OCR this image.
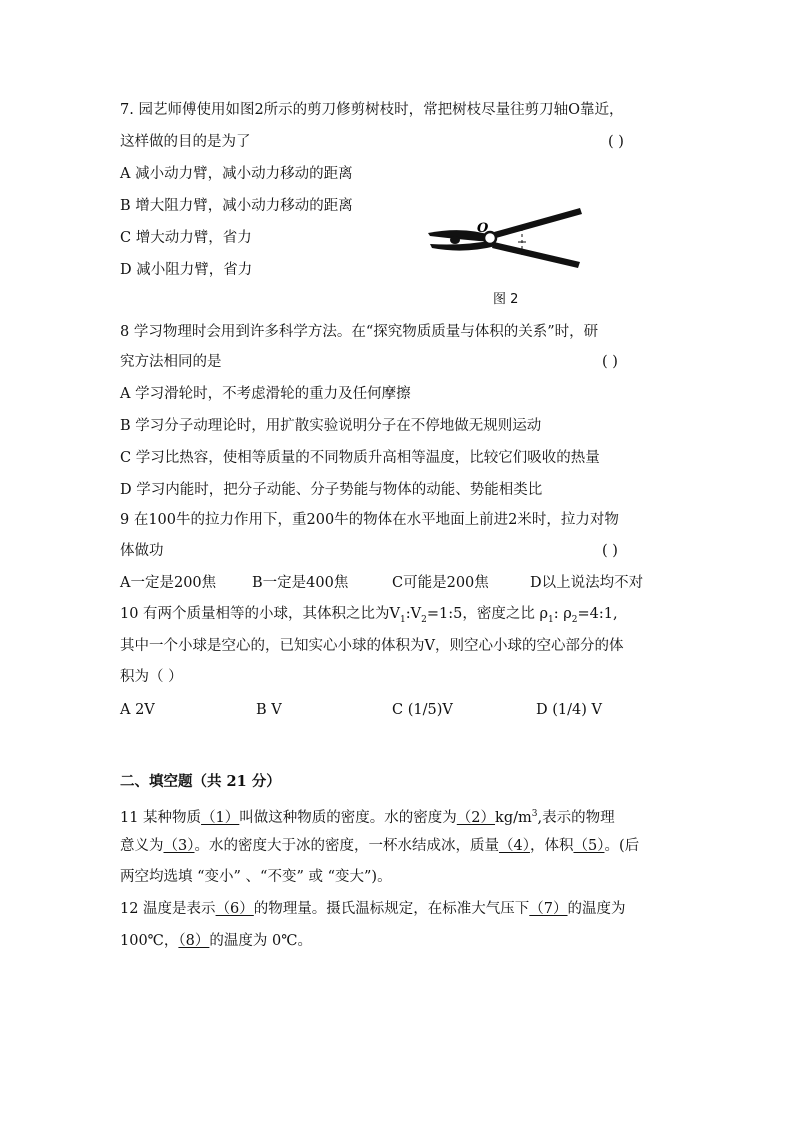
7. 园艺师傅使用如图2所示的剪刀修剪树枝时，常把树枝尽量往剪刀轴O靠近，
这样做的目的是为了	( )
A 减小动力臂，减小动力移动的距离
B 增大阻力臂，减小动力移动的距离
C 增大动力臂，省力
D 减小阻力臂，省力
O
图 2
8 学习物理时会用到许多科学方法。在“探究物质质量与体积的关系”时，研
究方法相同的是	( )
A 学习滑轮时，不考虑滑轮的重力及任何摩擦
B 学习分子动理论时，用扩散实验说明分子在不停地做无规则运动
C 学习比热容，使相等质量的不同物质升高相等温度，比较它们吸收的热量
D 学习内能时，把分子动能、分子势能与物体的动能、势能相类比
9 在100牛的拉力作用下，重200牛的物体在水平地面上前进2米时，拉力对物
体做功	( )
A一定是200焦 B一定是400焦	C可能是200焦	D以上说法均不对
10 有两个质量相等的小球，其体积之比为$V_1:V_2=1:5$，密度之比 $\rho_1$: $\rho_2=4:1$,
其中一个小球是空心的，已知实心小球的体积为V，则空心小球的空心部分的体
积为（ ）
A 2V	B V	C (1/5)V	D (1/4) V
二、填空题（共 21 分）
11 某种物质（1）叫做这种物质的密度。水的密度为$(2)kg/m^3$,表示的物理
意义为（3）。水的密度大于冰的密度，一杯水结成冰，质量（4），体积（5）。(后
两空均选填 “变小” 、“不变” 或 “变大”)。
12 温度是表示（6）的物理量。摄氏温标规定，在标准大气压下（7）的温度为
100℃，（8）的温度为 0℃。
